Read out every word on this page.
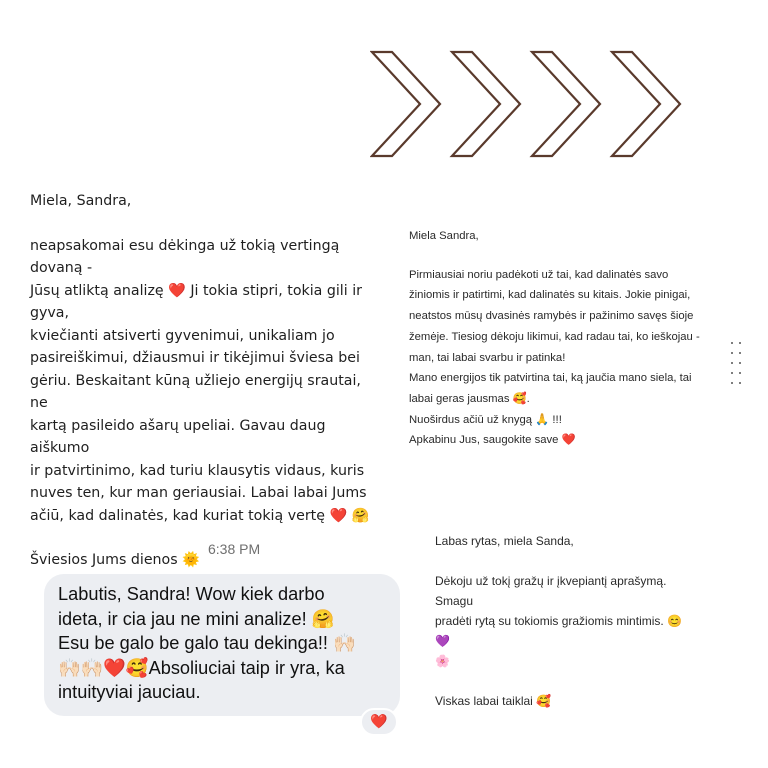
Miela, Sandra,

neapsakomai esu dėkinga už tokią vertingą dovaną -
Jūsų atliktą analizę ❤️ Ji tokia stipri, tokia gili ir gyva,
kviečianti atsiverti gyvenimui, unikaliam jo
pasireiškimui, džiausmui ir tikėjimui šviesa bei
gėriu. Beskaitant kūną užliejo energijų srautai, ne
kartą pasileido ašarų upeliai. Gavau daug aiškumo
ir patvirtinimo, kad turiu klausytis vidaus, kuris
nuves ten, kur man geriausiai. Labai labai Jums
ačiū, kad dalinatės, kad kuriat tokią vertę ❤️ 🤗

Šviesios Jums dienos 🌞

Miela Sandra,

Pirmiausiai noriu padėkoti už tai, kad dalinatės savo
žiniomis ir patirtimi, kad dalinatės su kitais. Jokie pinigai,
neatstos mūsų dvasinės ramybės ir pažinimo savęs šioje
žemėje. Tiesiog dėkoju likimui, kad radau tai, ko ieškojau -
man, tai labai svarbu ir patinka!
Mano energijos tik patvirtina tai, ką jaučia mano siela, tai
labai geras jausmas 🥰.
Nuoširdus ačiū už knygą 🙏 !!!
Apkabinu Jus, saugokite save ❤️

6:38 PM
Labutis, Sandra! Wow kiek darbo
ideta, ir cia jau ne mini analize! 🤗
Esu be galo be galo tau dekinga!! 🙌🏻
🙌🏻🙌🏻❤️🥰Absoliuciai taip ir yra, ka
intuityviai jauciau.
❤️

Labas rytas, miela Sanda,

Dėkoju už tokį gražų ir įkvepiantį aprašymą. Smagu
pradėti rytą su tokiomis gražiomis mintimis. 😊💜
🌸

Viskas labai taiklai 🥰
